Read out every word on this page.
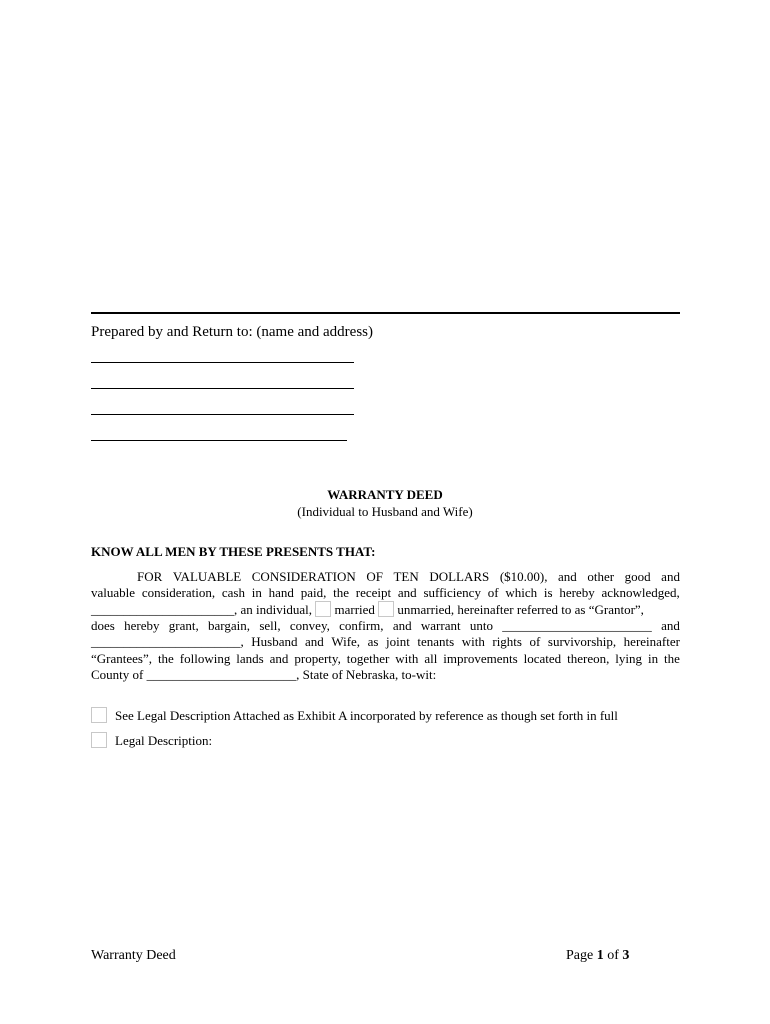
Prepared by and Return to: (name and address)
WARRANTY DEED
(Individual to Husband and Wife)
KNOW ALL MEN BY THESE PRESENTS THAT:
FOR VALUABLE CONSIDERATION OF TEN DOLLARS ($10.00), and other good and
valuable consideration, cash in hand paid, the receipt and sufficiency of which is hereby acknowledged,
______________________, an individual, married unmarried, hereinafter referred to as “Grantor”,
does hereby grant, bargain, sell, convey, confirm, and warrant unto _______________________ and
_______________________, Husband and Wife, as joint tenants with rights of survivorship, hereinafter
“Grantees”, the following lands and property, together with all improvements located thereon, lying in the
County of _______________________, State of Nebraska, to-wit:
See Legal Description Attached as Exhibit A incorporated by reference as though set forth in full
Legal Description:
Warranty Deed	Page 1 of 3
